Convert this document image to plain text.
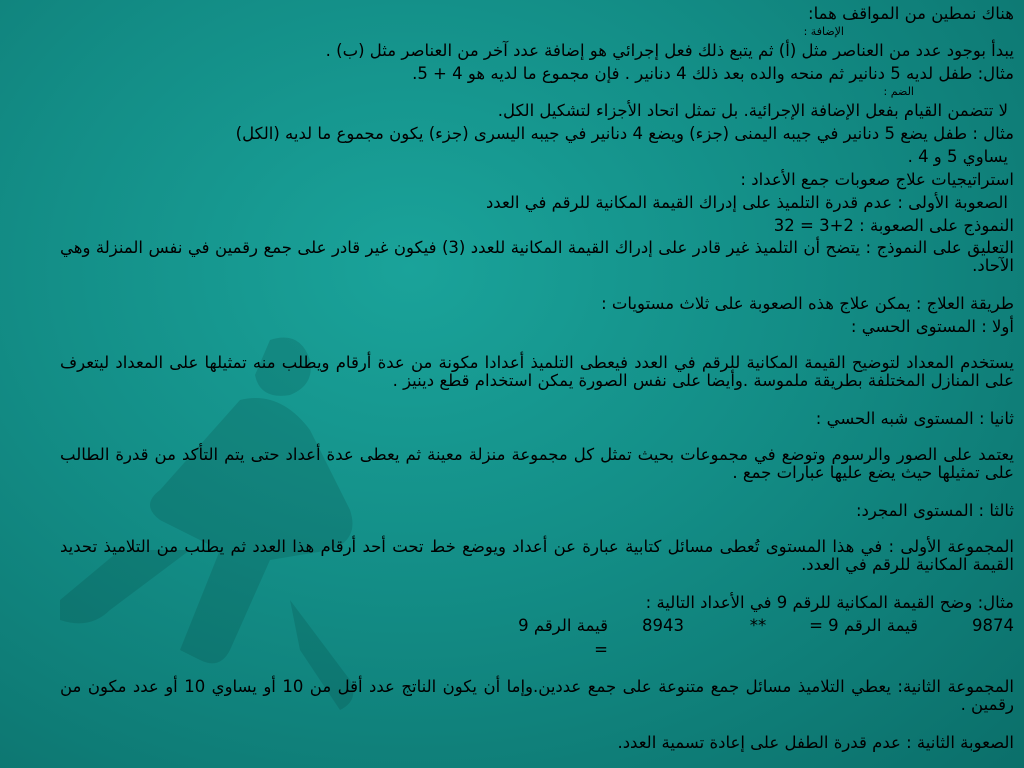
هناك نمطين من المواقف هما:

الإضافة :

يبدأ بوجود عدد من العناصر مثل (أ) ثم يتبع ذلك فعل إجرائي هو إضافة عدد آخر من العناصر مثل (ب) .

مثال: طفل لديه 5 دنانير ثم منحه والده بعد ذلك 4 دنانير . فإن مجموع ما لديه هو 4 + 5.

الضم :

لا تتضمن القيام بفعل الإضافة الإجرائية. بل تمثل اتحاد الأجزاء لتشكيل الكل.

مثال : طفل يضع 5 دنانير في جيبه اليمنى (جزء) ويضع 4 دنانير في جيبه اليسرى (جزء) يكون مجموع ما لديه (الكل)

يساوي 5 و 4 .

استراتيجيات علاج صعوبات جمع الأعداد :

الصعوبة الأولى : عدم قدرة التلميذ على إدراك القيمة المكانية للرقم في العدد

النموذج على الصعوبة : 2+3 = 32

التعليق على النموذج : يتضح أن التلميذ غير قادر على إدراك القيمة المكانية للعدد (3) فيكون غير قادر على جمع رقمين في نفس المنزلة وهي الآحاد.

طريقة العلاج : يمكن علاج هذه الصعوبة على ثلاث مستويات :

أولا : المستوى الحسي :

يستخدم المعداد لتوضيح القيمة المكانية للرقم في العدد فيعطى التلميذ أعدادا مكونة من عدة أرقام ويطلب منه تمثيلها على المعداد ليتعرف على المنازل المختلفة بطريقة ملموسة .وأيضا على نفس الصورة يمكن استخدام قطع دينيز .

ثانيا : المستوى شبه الحسي :

يعتمد على الصور والرسوم وتوضع في مجموعات بحيث تمثل كل مجموعة منزلة معينة ثم يعطى عدة أعداد حتى يتم التأكد من قدرة الطالب على تمثيلها حيث يضع عليها عبارات جمع .

ثالثا : المستوى المجرد:

المجموعة الأولى : في هذا المستوى تُعطى مسائل كتابية عبارة عن أعداد ويوضع خط تحت أحد أرقام هذا العدد ثم يطلب من التلاميذ تحديد القيمة المكانية للرقم في العدد.

مثال: وضح القيمة المكانية للرقم 9 في الأعداد التالية :

9874
قيمة الرقم 9 =
**
8943
قيمة الرقم 9 =

المجموعة الثانية: يعطي التلاميذ مسائل جمع متنوعة على جمع عددين.وإما أن يكون الناتج عدد أقل من 10 أو يساوي 10 أو عدد مكون من رقمين .

الصعوبة الثانية : عدم قدرة الطفل على إعادة تسمية العدد.
